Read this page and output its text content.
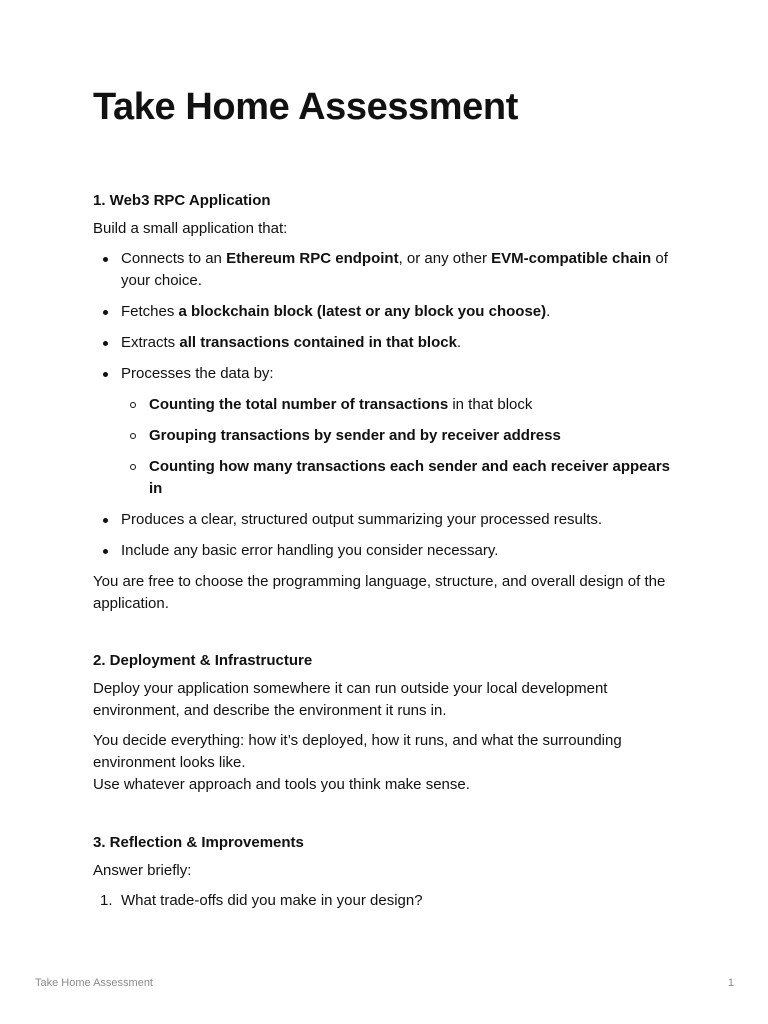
Take Home Assessment
1. Web3 RPC Application

Build a small application that:

Connects to an Ethereum RPC endpoint, or any other EVM-compatible chain of your choice.
Fetches a blockchain block (latest or any block you choose).
Extracts all transactions contained in that block.
Processes the data by:
Counting the total number of transactions in that block
Grouping transactions by sender and by receiver address
Counting how many transactions each sender and each receiver appears in
Produces a clear, structured output summarizing your processed results.
Include any basic error handling you consider necessary.

You are free to choose the programming language, structure, and overall design of the application.

2. Deployment & Infrastructure

Deploy your application somewhere it can run outside your local development environment, and describe the environment it runs in.

You decide everything: how it’s deployed, how it runs, and what the surrounding environment looks like.
Use whatever approach and tools you think make sense.

3. Reflection & Improvements

Answer briefly:

1. What trade-offs did you make in your design?
Take Home Assessment	1
